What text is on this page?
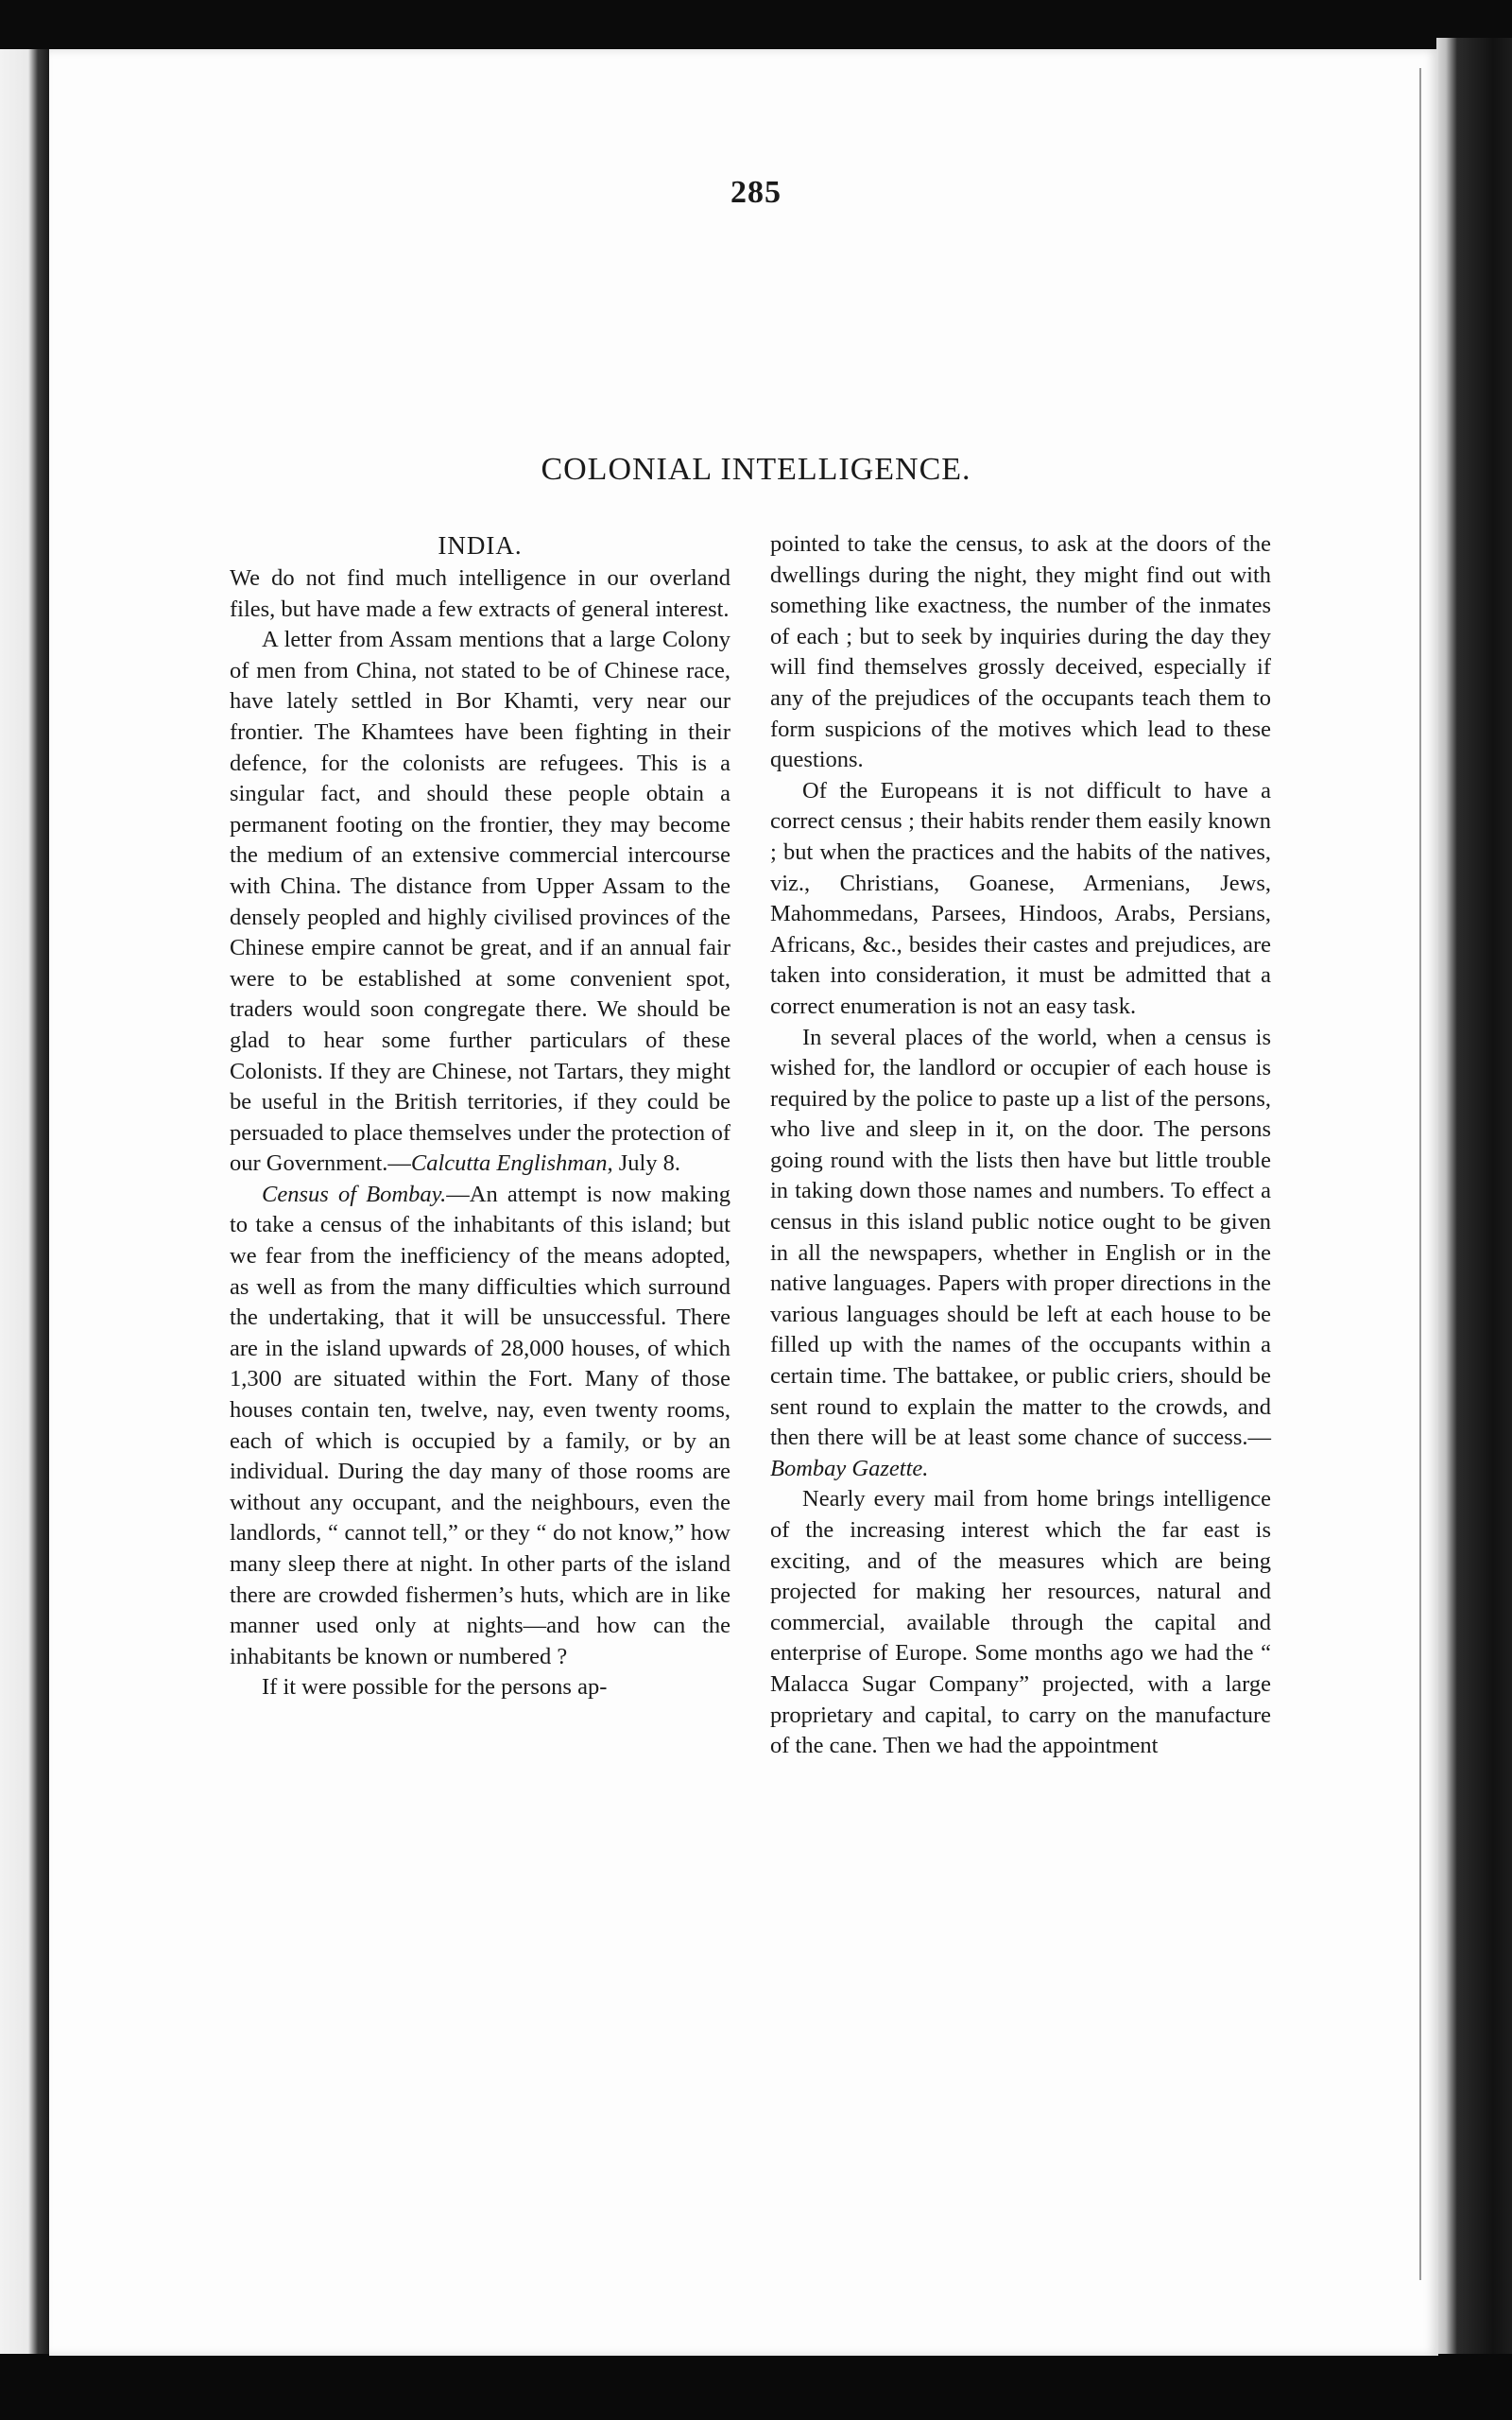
285
COLONIAL INTELLIGENCE.
INDIA.

We do not find much intelligence in our overland files, but have made a few extracts of general interest.

A letter from Assam mentions that a large Colony of men from China, not stated to be of Chinese race, have lately settled in Bor Khamti, very near our frontier. The Khamtees have been fighting in their defence, for the colonists are refugees. This is a singular fact, and should these people obtain a permanent footing on the frontier, they may become the medium of an extensive commercial intercourse with China. The distance from Upper Assam to the densely peopled and highly civilised provinces of the Chinese empire cannot be great, and if an annual fair were to be established at some convenient spot, traders would soon congregate there. We should be glad to hear some further particulars of these Colonists. If they are Chinese, not Tartars, they might be useful in the British territories, if they could be persuaded to place themselves under the protection of our Government.—Calcutta Englishman, July 8.

Census of Bombay.—An attempt is now making to take a census of the inhabitants of this island; but we fear from the inefficiency of the means adopted, as well as from the many difficulties which surround the undertaking, that it will be unsuccessful. There are in the island upwards of 28,000 houses, of which 1,300 are situated within the Fort. Many of those houses contain ten, twelve, nay, even twenty rooms, each of which is occupied by a family, or by an individual. During the day many of those rooms are without any occupant, and the neighbours, even the landlords, “ cannot tell,” or they “ do not know,” how many sleep there at night. In other parts of the island there are crowded fishermen’s huts, which are in like manner used only at nights—and how can the inhabitants be known or numbered ?

If it were possible for the persons ap-

pointed to take the census, to ask at the doors of the dwellings during the night, they might find out with something like exactness, the number of the inmates of each ; but to seek by inquiries during the day they will find themselves grossly deceived, especially if any of the prejudices of the occupants teach them to form suspicions of the motives which lead to these questions.

Of the Europeans it is not difficult to have a correct census ; their habits render them easily known ; but when the practices and the habits of the natives, viz., Christians, Goanese, Armenians, Jews, Mahommedans, Parsees, Hindoos, Arabs, Persians, Africans, &c., besides their castes and prejudices, are taken into consideration, it must be admitted that a correct enumeration is not an easy task.

In several places of the world, when a census is wished for, the landlord or occupier of each house is required by the police to paste up a list of the persons, who live and sleep in it, on the door. The persons going round with the lists then have but little trouble in taking down those names and numbers. To effect a census in this island public notice ought to be given in all the newspapers, whether in English or in the native languages. Papers with proper directions in the various languages should be left at each house to be filled up with the names of the occupants within a certain time. The battakee, or public criers, should be sent round to explain the matter to the crowds, and then there will be at least some chance of success.—Bombay Gazette.

Nearly every mail from home brings intelligence of the increasing interest which the far east is exciting, and of the measures which are being projected for making her resources, natural and commercial, available through the capital and enterprise of Europe. Some months ago we had the “ Malacca Sugar Company” projected, with a large proprietary and capital, to carry on the manufacture of the cane. Then we had the appointment
